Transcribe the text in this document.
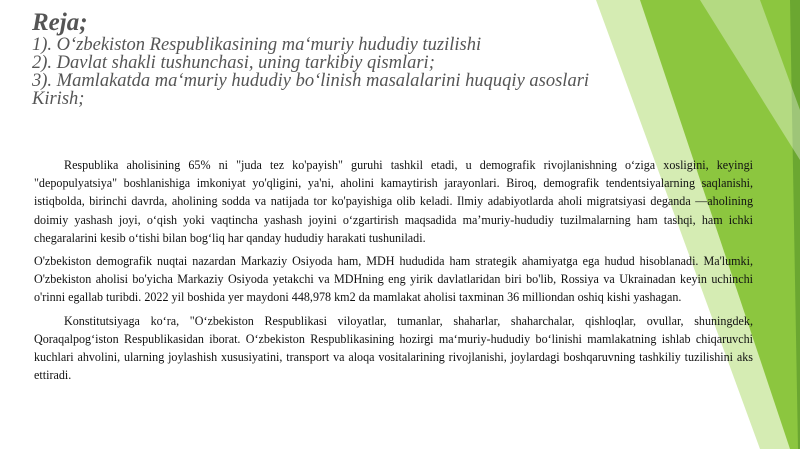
Reja;
1). O‘zbekiston Respublikasining ma‘muriy hududiy tuzilishi
2). Davlat shakli tushunchasi, uning tarkibiy qismlari;
3). Mamlakatda ma‘muriy hududiy bo‘linish masalalarini huquqiy asoslari
Kirish;

Respublika aholisining 65% ni "juda tez ko'payish" guruhi tashkil etadi, u demografik rivojlanishning o‘ziga xosligini, keyingi "depopulyatsiya" boshlanishiga imkoniyat yo'qligini, ya'ni, aholini kamaytirish jarayonlari. Biroq, demografik tendentsiyalarning saqlanishi, istiqbolda, birinchi davrda, aholining sodda va natijada tor ko'payishiga olib keladi. Ilmiy adabiyotlarda aholi migratsiyasi deganda —aholining doimiy yashash joyi, o‘qish yoki vaqtincha yashash joyini o‘zgartirish maqsadida ma’muriy-hududiy tuzilmalarning ham tashqi, ham ichki chegaralarini kesib o‘tishi bilan bog‘liq har qanday hududiy harakati tushuniladi.

O'zbekiston demografik nuqtai nazardan Markaziy Osiyoda ham, MDH hududida ham strategik ahamiyatga ega hudud hisoblanadi. Ma'lumki, O'zbekiston aholisi bo'yicha Markaziy Osiyoda yetakchi va MDHning eng yirik davlatlaridan biri bo'lib, Rossiya va Ukrainadan keyin uchinchi o'rinni egallab turibdi. 2022 yil boshida yer maydoni 448,978 km2 da mamlakat aholisi taxminan 36 milliondan oshiq kishi yashagan.

Konstitutsiyaga ko‘ra, "O‘zbekiston Respublikasi viloyatlar, tumanlar, shaharlar, shaharchalar, qishloqlar, ovullar, shuningdek, Qoraqalpog‘iston Respublikasidan iborat. O‘zbekiston Respublikasining hozirgi ma‘muriy-hududiy bo‘linishi mamlakatning ishlab chiqaruvchi kuchlari ahvolini, ularning joylashish xususiyatini, transport va aloqa vositalarining rivojlanishi, joylardagi boshqaruvning tashkiliy tuzilishini aks ettiradi.
